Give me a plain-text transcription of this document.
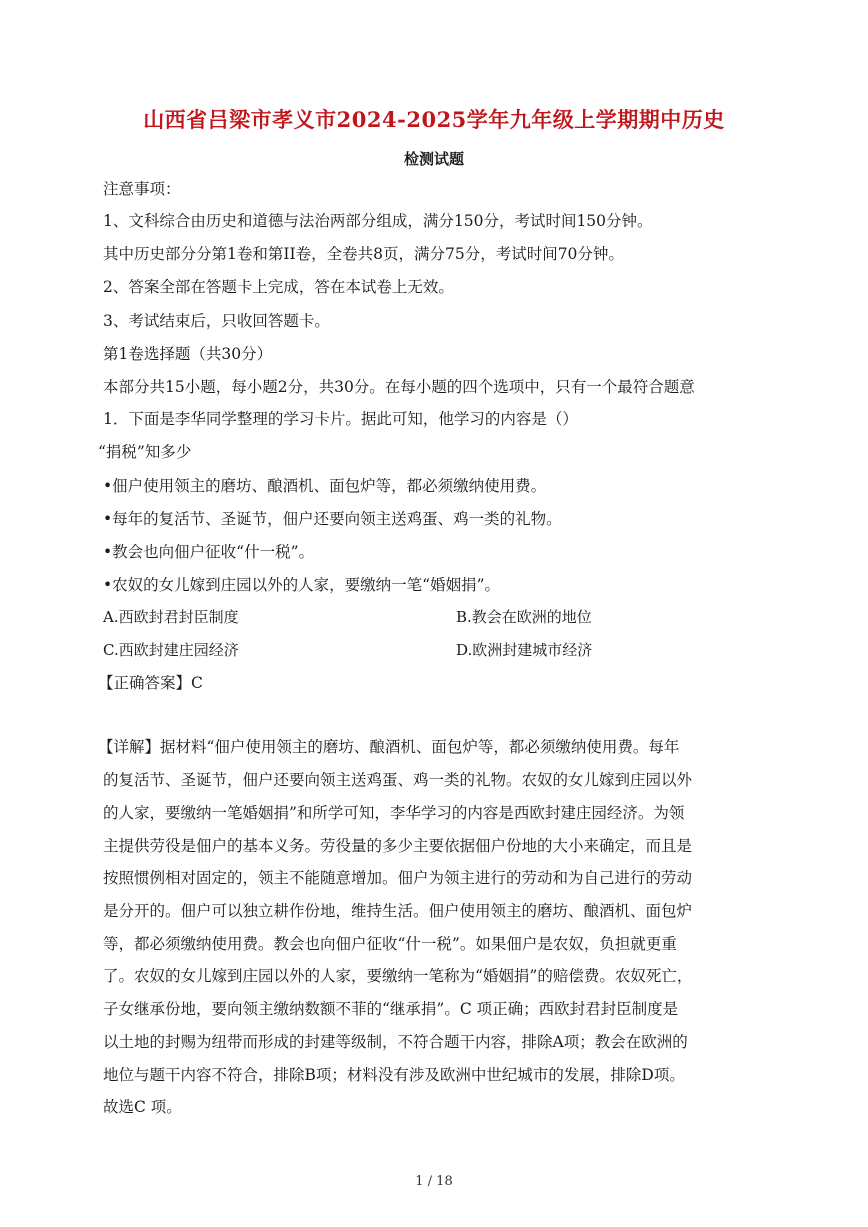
山西省吕梁市孝义市2024-2025学年九年级上学期期中历史
检测试题
注意事项：
1、文科综合由历史和道德与法治两部分组成，满分150分，考试时间150分钟。
其中历史部分分第1卷和第II卷，全卷共8页，满分75分，考试时间70分钟。
2、答案全部在答题卡上完成，答在本试卷上无效。
3、考试结束后，只收回答题卡。
第1卷选择题（共30分）
本部分共15小题，每小题2分，共30分。在每小题的四个选项中，只有一个最符合题意
1．下面是李华同学整理的学习卡片。据此可知，他学习的内容是（）
“捐税”知多少
•佃户使用领主的磨坊、酿酒机、面包炉等，都必须缴纳使用费。
•每年的复活节、圣诞节，佃户还要向领主送鸡蛋、鸡一类的礼物。
•教会也向佃户征收“什一税”。
•农奴的女儿嫁到庄园以外的人家，要缴纳一笔“婚姻捐”。
A.西欧封君封臣制度	B.教会在欧洲的地位
C.西欧封建庄园经济	D.欧洲封建城市经济
【正确答案】C
【详解】据材料“佃户使用领主的磨坊、酿酒机、面包炉等，都必须缴纳使用费。每年
的复活节、圣诞节，佃户还要向领主送鸡蛋、鸡一类的礼物。农奴的女儿嫁到庄园以外
的人家，要缴纳一笔婚姻捐”和所学可知，李华学习的内容是西欧封建庄园经济。为领
主提供劳役是佃户的基本义务。劳役量的多少主要依据佃户份地的大小来确定，而且是
按照惯例相对固定的，领主不能随意增加。佃户为领主进行的劳动和为自己进行的劳动
是分开的。佃户可以独立耕作份地，维持生活。佃户使用领主的磨坊、酿酒机、面包炉
等，都必须缴纳使用费。教会也向佃户征收“什一税”。如果佃户是农奴，负担就更重
了。农奴的女儿嫁到庄园以外的人家，要缴纳一笔称为“婚姻捐”的赔偿费。农奴死亡，
子女继承份地，要向领主缴纳数额不菲的“继承捐”。C 项正确；西欧封君封臣制度是
以土地的封赐为纽带而形成的封建等级制，不符合题干内容，排除A项；教会在欧洲的
地位与题干内容不符合，排除B项；材料没有涉及欧洲中世纪城市的发展，排除D项。
故选C 项。
1 / 18
